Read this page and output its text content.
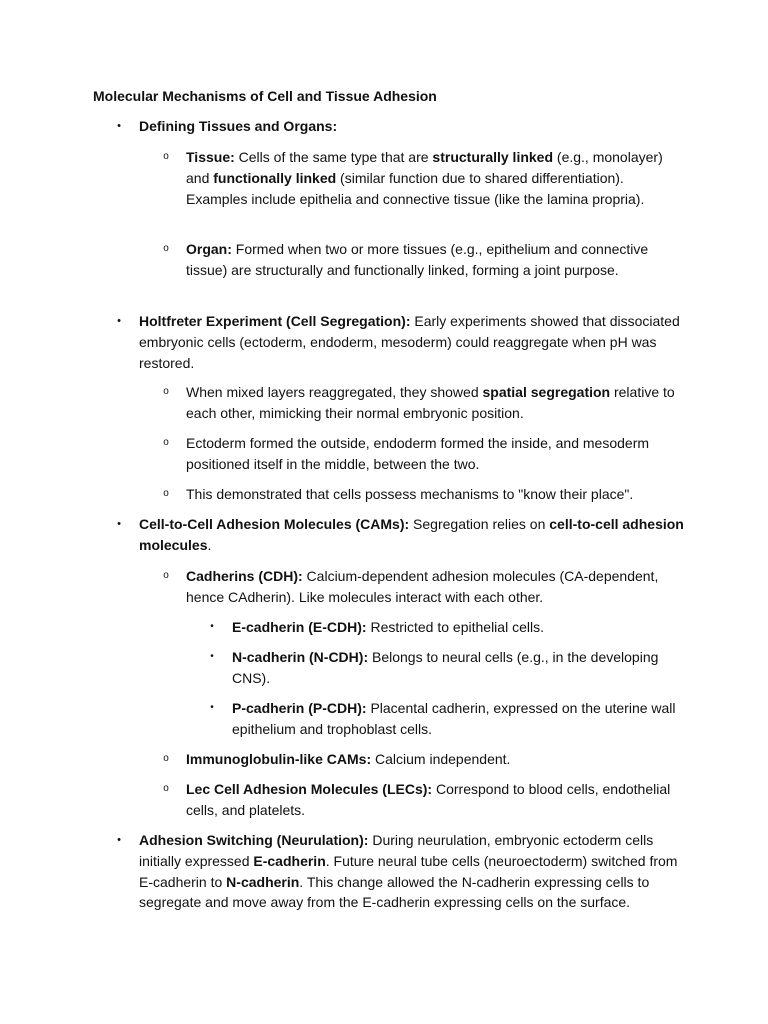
Molecular Mechanisms of Cell and Tissue Adhesion

•	Defining Tissues and Organs:

o	Tissue: Cells of the same type that are structurally linked (e.g., monolayer) and functionally linked (similar function due to shared differentiation). Examples include epithelia and connective tissue (like the lamina propria).

o	Organ: Formed when two or more tissues (e.g., epithelium and connective tissue) are structurally and functionally linked, forming a joint purpose.

•	Holtfreter Experiment (Cell Segregation): Early experiments showed that dissociated embryonic cells (ectoderm, endoderm, mesoderm) could reaggregate when pH was restored.

o	When mixed layers reaggregated, they showed spatial segregation relative to each other, mimicking their normal embryonic position.

o	Ectoderm formed the outside, endoderm formed the inside, and mesoderm positioned itself in the middle, between the two.

o	This demonstrated that cells possess mechanisms to "know their place".

•	Cell-to-Cell Adhesion Molecules (CAMs): Segregation relies on cell-to-cell adhesion molecules.

o	Cadherins (CDH): Calcium-dependent adhesion molecules (CA-dependent, hence CAdherin). Like molecules interact with each other.

•	E-cadherin (E-CDH): Restricted to epithelial cells.

•	N-cadherin (N-CDH): Belongs to neural cells (e.g., in the developing CNS).

•	P-cadherin (P-CDH): Placental cadherin, expressed on the uterine wall epithelium and trophoblast cells.

o	Immunoglobulin-like CAMs: Calcium independent.

o	Lec Cell Adhesion Molecules (LECs): Correspond to blood cells, endothelial cells, and platelets.

•	Adhesion Switching (Neurulation): During neurulation, embryonic ectoderm cells initially expressed E-cadherin. Future neural tube cells (neuroectoderm) switched from E-cadherin to N-cadherin. This change allowed the N-cadherin expressing cells to segregate and move away from the E-cadherin expressing cells on the surface.
